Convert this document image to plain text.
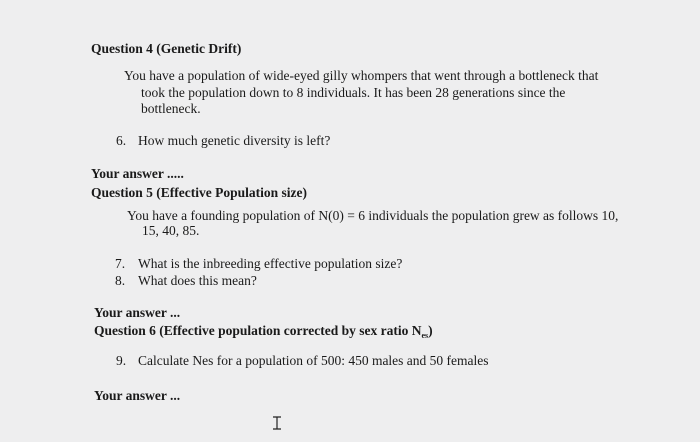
Question 4 (Genetic Drift)
You have a population of wide-eyed gilly whompers that went through a bottleneck that
took the population down to 8 individuals. It has been 28 generations since the
bottleneck.
6. How much genetic diversity is left?
Your answer .....
Question 5 (Effective Population size)
You have a founding population of N(0) = 6 individuals the population grew as follows 10,
15, 40, 85.
7. What is the inbreeding effective population size?
8. What does this mean?
Your answer ...
Question 6 (Effective population corrected by sex ratio $N_{es}$)
9. Calculate Nes for a population of 500: 450 males and 50 females
Your answer ...
